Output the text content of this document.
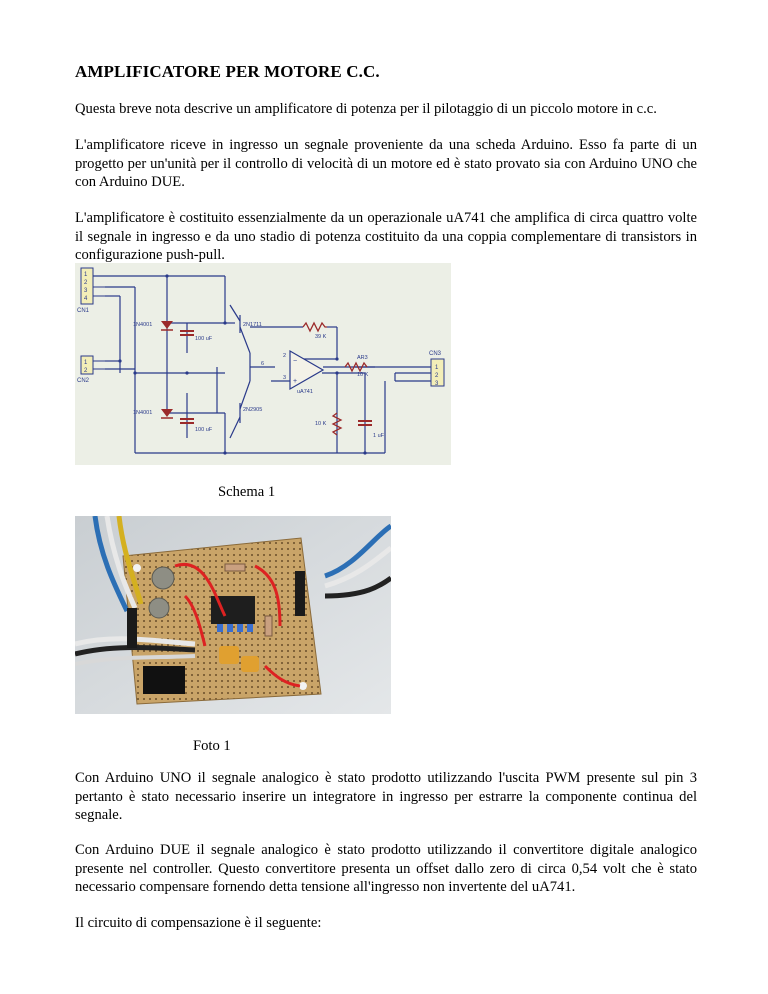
AMPLIFICATORE PER MOTORE C.C.

Questa breve nota descrive un amplificatore di potenza per il pilotaggio di un piccolo motore in c.c.

L'amplificatore riceve in ingresso un segnale proveniente da una scheda Arduino. Esso fa parte di un progetto per un'unità per il controllo di velocità di un motore ed è stato provato sia con Arduino UNO che con Arduino DUE.

L'amplificatore è costituito essenzialmente da un operazionale uA741 che amplifica di circa quattro volte il segnale in ingresso e da uno stadio di potenza costituito da una coppia complementare di transistors in configurazione push-pull.

1
2
3
4
CN1
1
2
CN2
1
2
3
CN3
1N4001
1N4001
100 uF
100 uF
1 uF
2N1711
2N2905
39 K
10 K
AR3
10 K
−
+
uA741
6
2
3

Schema 1

Foto 1

Con Arduino UNO il segnale analogico è stato prodotto utilizzando l'uscita PWM presente sul pin 3 pertanto è stato necessario inserire un integratore in ingresso per estrarre la componente continua del segnale.

Con Arduino DUE il segnale analogico è stato prodotto utilizzando il convertitore digitale analogico presente nel controller. Questo convertitore presenta un offset dallo zero di circa 0,54 volt che è stato necessario compensare fornendo detta tensione all'ingresso non invertente del uA741.

Il circuito di compensazione è il seguente:
